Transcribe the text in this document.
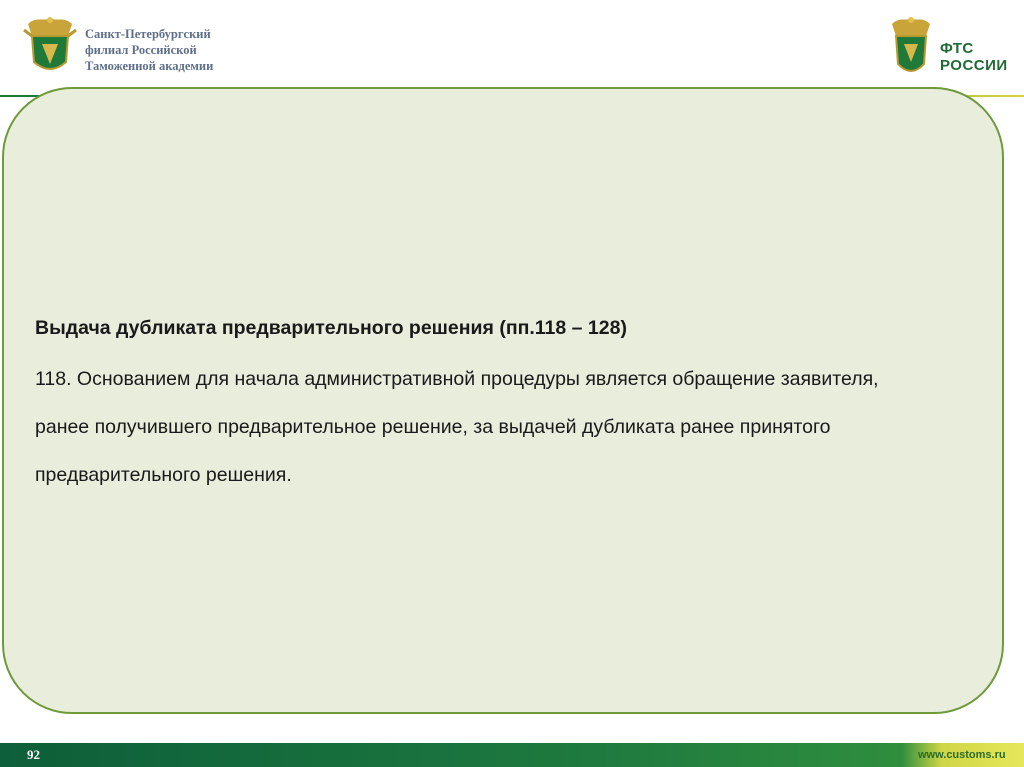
Санкт-Петербургский
филиал Российской
Таможенной академии
ФТС
РОССИИ

Выдача дубликата предварительного решения (пп.118 – 128)

118. Основанием для начала административной процедуры является обращение заявителя, ранее получившего предварительное решение, за выдачей дубликата ранее принятого предварительного решения.

92	www.customs.ru
